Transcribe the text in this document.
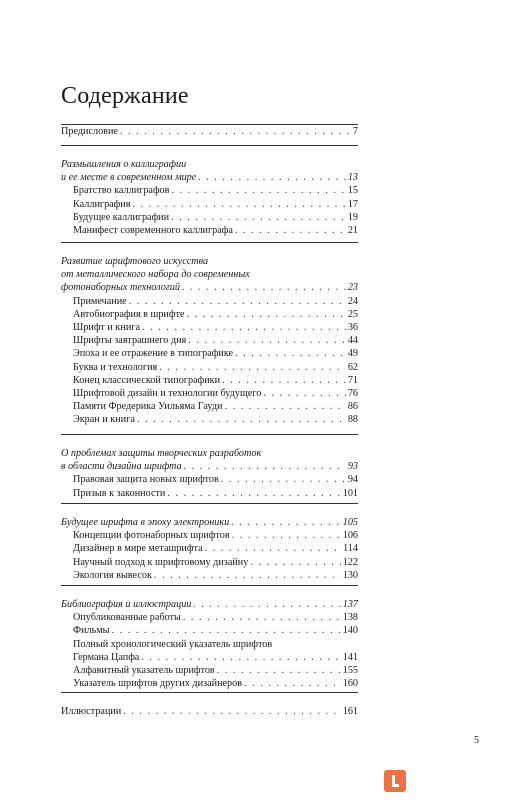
Содержание
Предисловие . . .	7
Размышления о каллиграфии
и ее месте в современном мире . . .	13
Братство каллиграфов . . .	15
Каллиграфия . . .	17
Будущее каллиграфии . . .	19
Манифест современного каллиграфа . . .	21
Развитие шрифтового искусства
от металлического набора до современных
фотонаборных технологий . . .	23
Примечание . . .	24
Автобиография в шрифте . . .	25
Шрифт и книга . . .	36
Шрифты завтрашнего дня . . .	44
Эпоха и ее отражение в типографике . . .	49
Буква и технология . . .	62
Конец классической типографики . . .	71
Шрифтовой дизайн и технологии будущего . . .	76
Памяти Фредерика Уильяма Гауди . . .	86
Экран и книга . . .	88
О проблемах защиты творческих разработок
в области дизайна шрифта . . .	93
Правовая защита новых шрифтов . . .	94
Призыв к законности . . .	101
Будущее шрифта в эпоху электроники . . .	105
Концепции фотонаборных шрифтов . . .	106
Дизайнер в мире меташрифта . . .	114
Научный подход к шрифтовому дизайну . . .	122
Экология вывесок . . .	130
Библиография и иллюстрации . . .	137
Опубликованные работы . . .	138
Фильмы . . .	140
Полный хронологический указатель шрифтов
Германа Цапфа . . .	141
Алфавитный указатель шрифтов . . .	155
Указатель шрифтов других дизайнеров . . .	160
Иллюстрации . . .	161
5
